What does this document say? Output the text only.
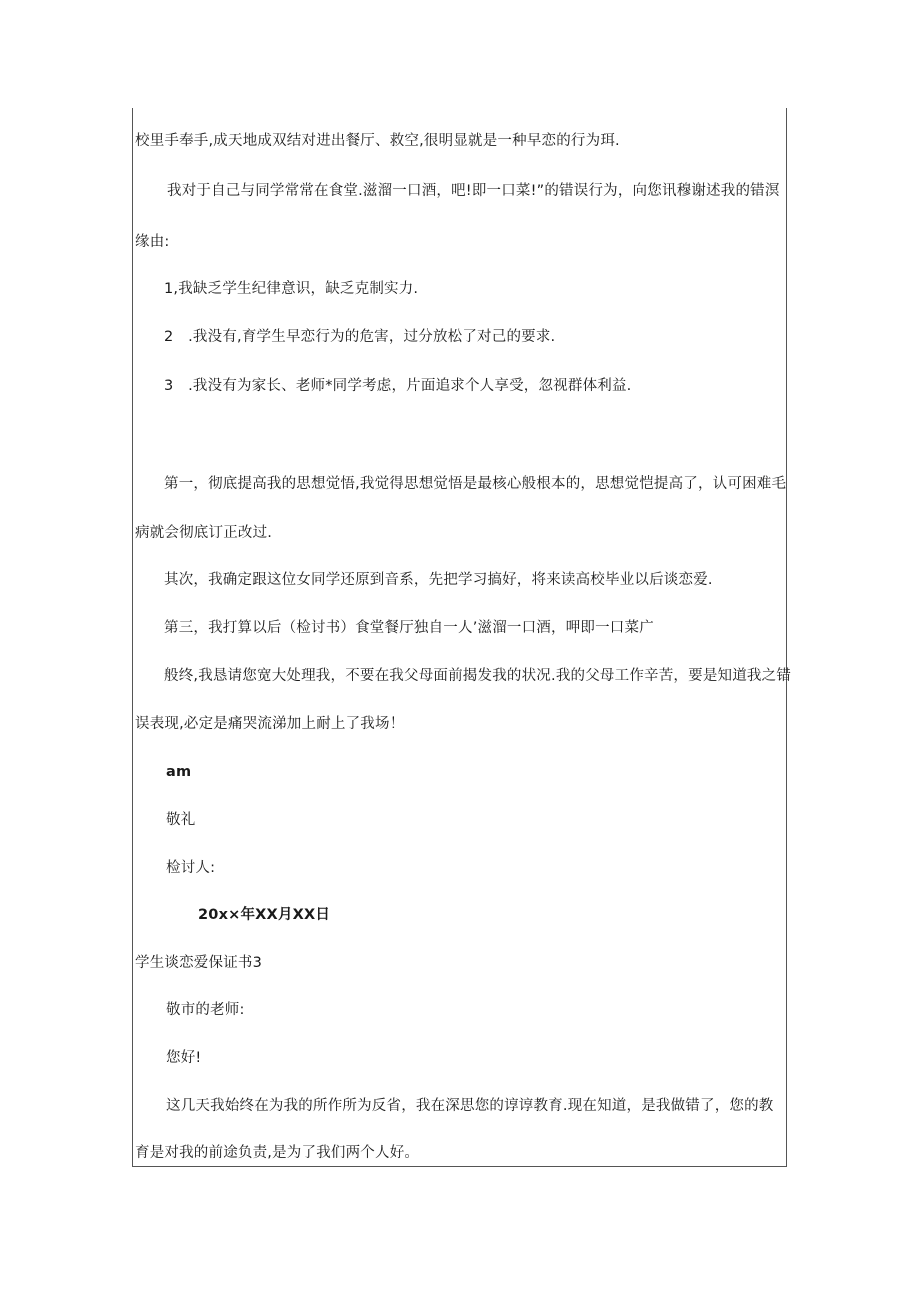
校里手奉手,成天地成双结对进出餐厅、救空,很明显就是一种早恋的行为珥.
我对于自己与同学常常在食堂.滋溜一口酒，吧!即一口菜!”的错误行为，向您讯穆谢述我的错溟
缘由:
1,我缺乏学生纪律意识，缺乏克制实力.
2　.我没有,育学生早恋行为的危害，过分放松了对己的要求.
3　.我没有为家长、老师*同学考虑，片面追求个人享受，忽视群体利益.
第一，彻底提高我的思想觉悟,我觉得思想觉悟是最核心般根本的，思想觉恺提高了，认可困难毛
病就会彻底订正改过.
其次，我确定跟这位女同学还原到音系，先把学习搞好，将来读高校毕业以后谈恋爱.
第三，我打算以后（检讨书）食堂餐厅独自一人’滋溜一口酒，呷即一口菜广
般终,我恳请您宽大处理我，不要在我父母面前揭发我的状况.我的父母工作辛苦，要是知道我之错
误表现,必定是痛哭流涕加上耐上了我场！
am
敬礼
检讨人:
20x×年XX月XX日
学生谈恋爱保证书3
敬市的老师:
您好!
这几天我始终在为我的所作所为反省，我在深思您的谆谆教育.现在知道，是我做错了，您的教
育是对我的前途负责,是为了我们两个人好。
